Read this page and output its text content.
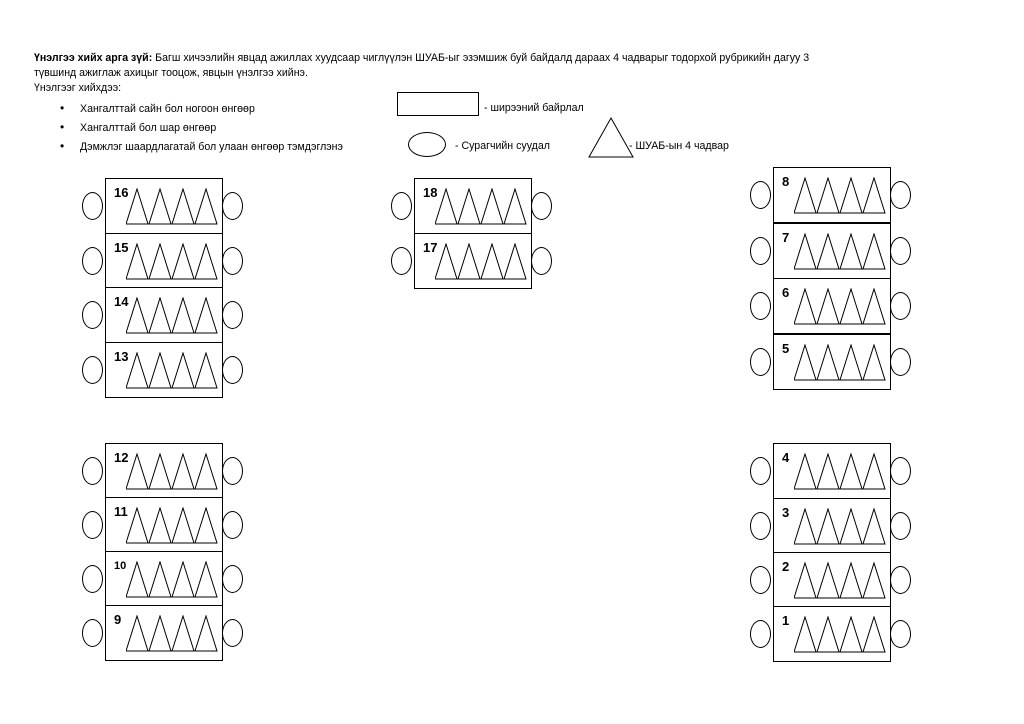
Үнэлгээ хийх арга зүй: Багш хичээлийн явцад ажиллах хуудсаар чиглүүлэн ШУАБ-ыг эзэмшиж буй байдалд дараах 4 чадварыг тодорхой рубрикийн дагуу 3

түвшинд ажиглаж ахицыг тооцож, явцын үнэлгээ хийнэ.

Үнэлгээг хийхдээ:

• Хангалттай сайн бол ногоон өнгөөр
• Хангалттай бол шар өнгөөр
• Дэмжлэг шаардлагатай бол улаан өнгөөр тэмдэглэнэ
- ширээний байрлал
- Сурагчийн суудал	- ШУАБ-ын 4 чадвар
16
15
14
13
12
11
10
9
18
17
8
7
6
5
4
3
2
1
